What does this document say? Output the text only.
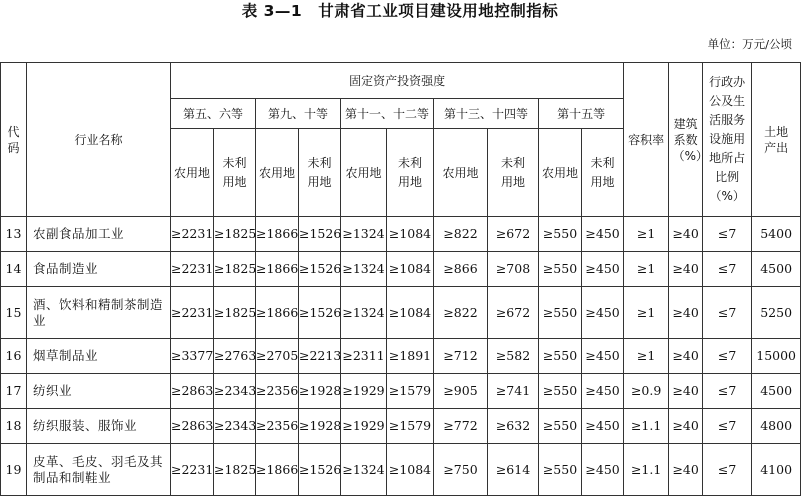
表 3—1 甘肃省工业项目建设用地控制指标
单位：万元/公顷
代码	行业名称	固定资产投资强度										容积率	建筑系数（%）	行政办公及生活服务设施用地所占比例（%）	土地产出

		第五、六等		第九、十等		第十一、十二等		第十三、十四等		第十五等					
		农用地	未利用地	农用地	未利用地	农用地	未利用地	农用地	未利用地	农用地	未利用地				

13	农副食品加工业	≥2231	≥1825	≥1866	≥1526	≥1324	≥1084	≥822	≥672	≥550	≥450	≥1	≥40	≤7	5400
14	食品制造业	≥2231	≥1825	≥1866	≥1526	≥1324	≥1084	≥866	≥708	≥550	≥450	≥1	≥40	≤7	4500
15	酒、饮料和精制茶制造业	≥2231	≥1825	≥1866	≥1526	≥1324	≥1084	≥822	≥672	≥550	≥450	≥1	≥40	≤7	5250
16	烟草制品业	≥3377	≥2763	≥2705	≥2213	≥2311	≥1891	≥712	≥582	≥550	≥450	≥1	≥40	≤7	15000
17	纺织业	≥2863	≥2343	≥2356	≥1928	≥1929	≥1579	≥905	≥741	≥550	≥450	≥0.9	≥40	≤7	4500
18	纺织服装、服饰业	≥2863	≥2343	≥2356	≥1928	≥1929	≥1579	≥772	≥632	≥550	≥450	≥1.1	≥40	≤7	4800
19	皮革、毛皮、羽毛及其制品和制鞋业	≥2231	≥1825	≥1866	≥1526	≥1324	≥1084	≥750	≥614	≥550	≥450	≥1.1	≥40	≤7	4100
